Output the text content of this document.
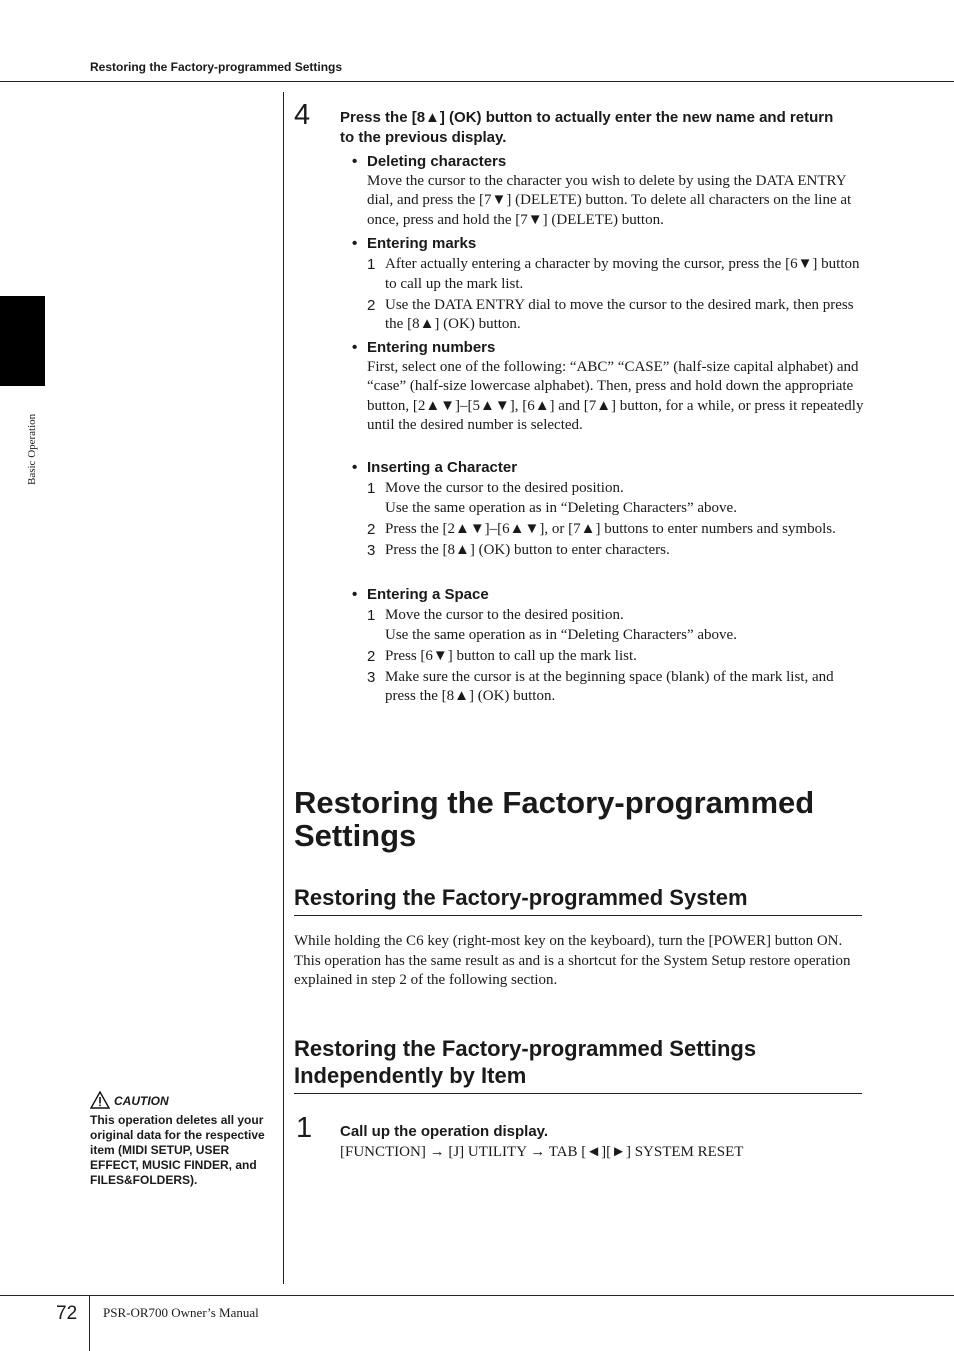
Restoring the Factory-programmed Settings
Basic Operation
4 Press the [8▲] (OK) button to actually enter the new name and return to the previous display.
• Deleting characters
Move the cursor to the character you wish to delete by using the DATA ENTRY dial, and press the [7▼] (DELETE) button. To delete all characters on the line at once, press and hold the [7▼] (DELETE) button.
• Entering marks
1 After actually entering a character by moving the cursor, press the [6▼] button to call up the mark list.
2 Use the DATA ENTRY dial to move the cursor to the desired mark, then press the [8▲] (OK) button.
• Entering numbers
First, select one of the following: “ABC” “CASE” (half-size capital alphabet) and “case” (half-size lowercase alphabet). Then, press and hold down the appropriate button, [2▲▼]–[5▲▼], [6▲] and [7▲] button, for a while, or press it repeatedly until the desired number is selected.
• Inserting a Character
1 Move the cursor to the desired position.
Use the same operation as in “Deleting Characters” above.
2 Press the [2▲▼]–[6▲▼], or [7▲] buttons to enter numbers and symbols.
3 Press the [8▲] (OK) button to enter characters.
• Entering a Space
1 Move the cursor to the desired position.
Use the same operation as in “Deleting Characters” above.
2 Press [6▼] button to call up the mark list.
3 Make sure the cursor is at the beginning space (blank) of the mark list, and press the [8▲] (OK) button.
Restoring the Factory-programmed Settings
Restoring the Factory-programmed System
While holding the C6 key (right-most key on the keyboard), turn the [POWER] button ON.
This operation has the same result as and is a shortcut for the System Setup restore operation explained in step 2 of the following section.
Restoring the Factory-programmed Settings Independently by Item
1 Call up the operation display.
[FUNCTION] → [J] UTILITY → TAB [◄][►] SYSTEM RESET
CAUTION
This operation deletes all your original data for the respective item (MIDI SETUP, USER EFFECT, MUSIC FINDER, and FILES&FOLDERS).
72 PSR-OR700 Owner’s Manual
